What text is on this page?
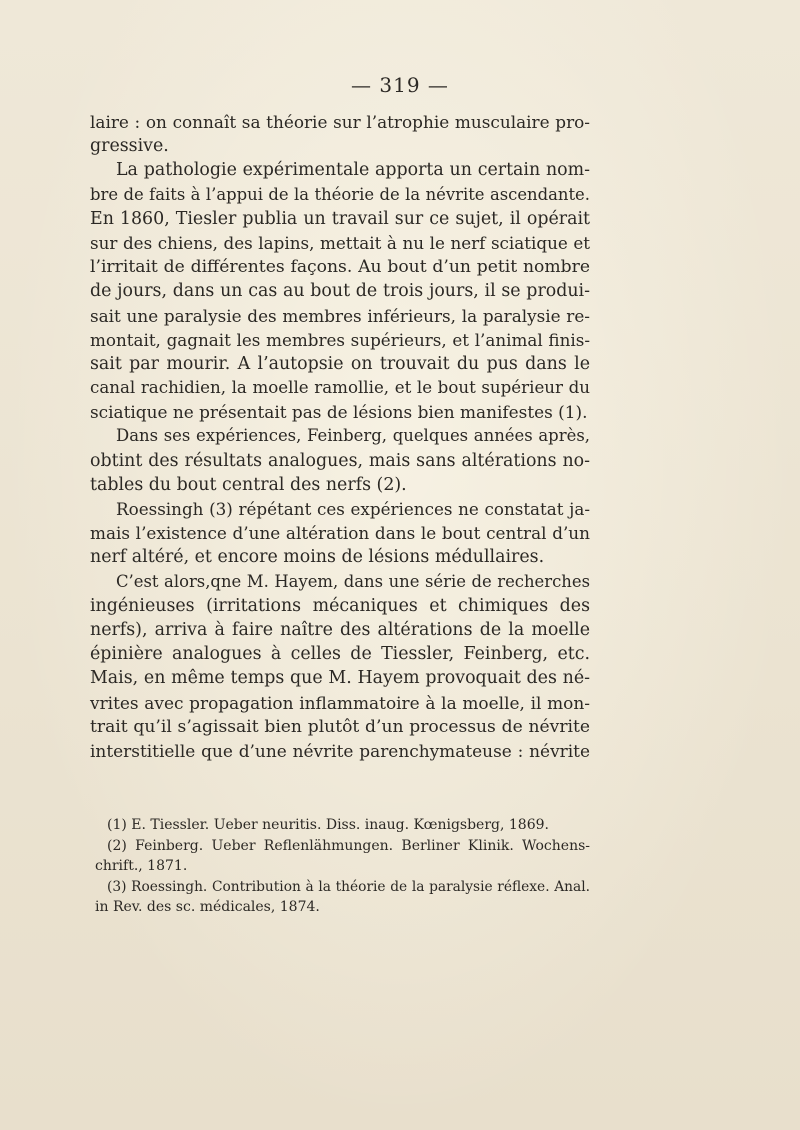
— 319 —
laire : on connaît sa théorie sur l’atrophie musculaire pro-
gressive.
La pathologie expérimentale apporta un certain nom-
bre de faits à l’appui de la théorie de la névrite ascendante.
En 1860, Tiesler publia un travail sur ce sujet, il opérait
sur des chiens, des lapins, mettait à nu le nerf sciatique et
l’irritait de différentes façons. Au bout d’un petit nombre
de jours, dans un cas au bout de trois jours, il se produi-
sait une paralysie des membres inférieurs, la paralysie re-
montait, gagnait les membres supérieurs, et l’animal finis-
sait par mourir. A l’autopsie on trouvait du pus dans le
canal rachidien, la moelle ramollie, et le bout supérieur du
sciatique ne présentait pas de lésions bien manifestes (1).
Dans ses expériences, Feinberg, quelques années après,
obtint des résultats analogues, mais sans altérations no-
tables du bout central des nerfs (2).
Roessingh (3) répétant ces expériences ne constatat ja-
mais l’existence d’une altération dans le bout central d’un
nerf altéré, et encore moins de lésions médullaires.
C’est alors,qne M. Hayem, dans une série de recherches
ingénieuses (irritations mécaniques et chimiques des
nerfs), arriva à faire naître des altérations de la moelle
épinière analogues à celles de Tiessler, Feinberg, etc.
Mais, en même temps que M. Hayem provoquait des né-
vrites avec propagation inflammatoire à la moelle, il mon-
trait qu’il s’agissait bien plutôt d’un processus de névrite
interstitielle que d’une névrite parenchymateuse : névrite
(1) E. Tiessler. Ueber neuritis. Diss. inaug. Kœnigsberg, 1869.
(2) Feinberg. Ueber Reflenlähmungen. Berliner Klinik. Wochens-
chrift., 1871.
(3) Roessingh. Contribution à la théorie de la paralysie réflexe. Anal.
in Rev. des sc. médicales, 1874.
